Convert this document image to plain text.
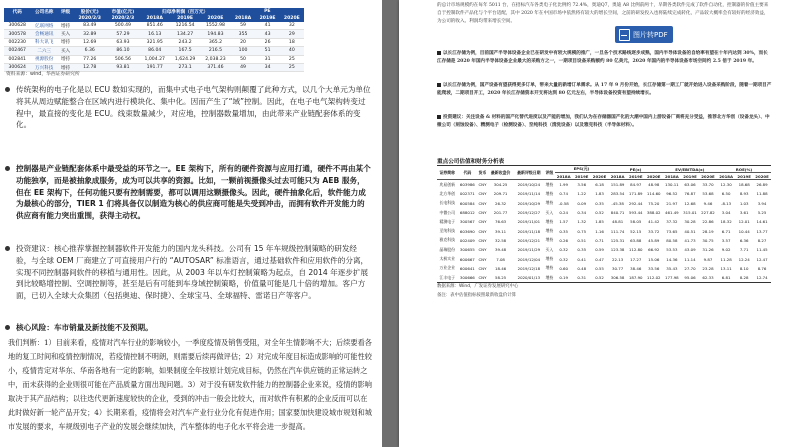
代码	公司名称	评级	股价(元)	市值(亿元)	归母净利润（百万元）			PE		
			2020/2/3	2020/2/3	2018A	2019E	2020E	2018A	2019E	2020E
300628	亿联网络	增持	83.49	500.49	851.46	1216.54	1552.98	59	41	32
300578	会畅通讯	买入	32.89	57.29	16.13	134.27	194.83	355	43	29
002230	科大讯飞	增持	12.69	63.93	321.95	243.2	365.2	20	26	18
002467	二六三	买入	6.36	86.10	86.04	167.5	216.5	100	51	40
002841	视源股份	增持	77.26	506.56	1,004.27	1,624.29	2,038.23	50	31	25
300624	万兴科技	增持	12.78	93.81	191.77	273.1	371.46	49	34	25
资料来源：wind，华西证券研究所
传统架构的电子化是以 ECU 数如实现的，而集中式电子电气架构则颠覆了此种方式，以几个大单元为单位将其从周边赋能整合在区域内进行模块化、集中化。因而产生了“域”控制。因此，在电子电气架构转变过程中，最直接的变化是 ECU。线束数量减少，对应地，控制器数量增加，由此带来产业链配套体系的变化。
控制器是产业链配套体系中最受益的环节之一。EE 架构下，所有的硬件资源与应用打通，硬件不再由某个功能独享，而是被抽象成服务，成为可以共享的资源。比如，一颗前视摄像头过去可能只为 AEB 服务，但在 EE 架构下，任何功能只要有控制需要，都可以调用这颗摄像头。因此，硬件抽象化后，软件能力成为最核心的部分，TIER 1 们将具备仅以制造为核心的供应商可能是失受到冲击，而拥有软件开发能力的供应商有能力突出重围，获得主动权。
投资建议：核心推荐掌握控制器软件开发能力的国内龙头科技。公司有 15 年车规级控制策略的研发经验，与全球 OEM 厂商建立了可直接用户行的 “AUTOSAR” 标准语言，通过基础软件和应用软件的分离，实现不同控制器间软件的移植与通用性。因此，从 2003 年以车灯控制策略为起点，自 2014 年逐步扩展到比较略增控制、空调控制等，甚至是后有可能到车身域控制策略，价值量可能是几十倍的增加。客户方面，已切入全球大众集团（包括奥迪、保时捷）、全球宝马、全球福特、雷诺日产等客户。
核心风险：车市销量及新技能不及预期。
我们判断：1）目前来看，疫情对汽车行业的影响较小，一季度疫情及销售受阻，对全年生情影响不大；后续要看各地的复工时间和疫情控制情况，若疫情控制不明朗，则需要后续再做评估；2）对完成年度目标造成影响的可能性较小，疫情肯定对华东、华南各地有一定的影响，如果制度全年按原计划完成目标，仍然在汽车供应链的正常运转之中，而未获得的企业则很可能在产品质量方面出现问题。3）对于没有研发软件能力的控制器企业来说，疫情的影响取决于其产品结构；以往迭代更新速度较快的企业，受到的冲击一般会比较大，而对软件有积累的企业反而可以在此时做好新一轮产品开发；4）长期来看，疫情将会对汽车产业行业分化有促进作用；国家要加快建设城市规划和城市发展的要求，车规级别电子产业的发展会继续加快，汽车整体的电子化水平将会进一步提高。
的总计市场规模约在每年 5011 台，在招标汽车各类电子化比例约 72.4%，奥迪Q7，奥迪 A8 比例前两十，早期各类软件完成了软件自动化，控制器的价值主要来自于控制软件产品化与个平台适配，其中 2020 年在中国市场中依然将有较大的增长空间，之前的研发投入也将陆续完成转化，产品较大概率会有较好的经济效益，为公司的收入、利润均带来增长空间。
图片转PDF
以长江存储为例，目前国产半导体设备企业已在研发中有较大规模的推广，一旦各个技术路线逐步成熟，国内半导体设备的自给率有望在十年内达到 30%，而长江存储是 2020 年国内半导体设备企业最大的采购方之一，一期项目设备采购额约 80 亿美元，2020 年国内的半导体设备市场空间约 2.5 倍于 2019 年。
以长江存储为例，国产设备有望获得更多订单，带来大量的新增订单需求。从 17 年 9 月份开始，长江存储第一期工厂就开始进入设备采购阶段，随着一期项目产能爬坡，二期项目开工，2020 年长江存储资本开支将达到 80 亿元左右，半导体设备投资有望持续增长。
投资建议：关注设备 & 材料的国产化替代进度以及产能的增加，我们认为在存储器国产化的大潮中国内上游设备厂商将充分受益，推荐北方华创（设备龙头）、中微公司（刻蚀设备）、精测电子（检测设备）、至纯科技（清洗设备）以及雅克科技（半导体材料）。
重点公司估值和财务分析表
证券简称	代码	货币	最新收盘价	最新评级日期	评级	EPS(元)			PE(x)			EV/EBITDA(x)			ROE(%)		
						2018A	2019E	2020E	2018A	2019E	2020E	2018A	2019E	2020E	2018A	2019E	2020E
兆易创新	603986	CNY	304.25	2019/10/24	增持	1.99	3.56	6.18	151.89	84.97	48.98	130.11	63.06	33.70	12.30	18.68	26.89
北方华创	002371	CNY	209.71	2019/11/14	增持	0.74	1.22	1.83	283.54	171.89	114.60	96.52	76.87	53.68	6.50	8.93	11.88
长电科技	600584	CNY	26.32	2019/10/29	增持	-0.58	0.09	0.35	-45.38	292.44	75.20	21.97	12.68	9.46	-8.13	1.03	3.94
中微公司	688012	CNY	201.77	2019/12/27	买入	0.24	0.34	0.52	840.71	593.44	388.02	461.49	315.01	227.82	3.04	3.61	5.25
精测电子	300567	CNY	76.63	2019/11/01	增持	1.57	1.32	1.85	48.81	58.05	41.42	37.32	30.28	22.86	18.32	12.01	14.61
至纯科技	603690	CNY	39.11	2019/11/18	增持	0.35	0.75	1.16	111.74	52.15	33.72	73.65	40.51	28.19	6.71	10.44	13.77
雅克科技	002409	CNY	32.58	2019/12/21	增持	0.26	0.51	0.71	125.31	63.88	45.89	80.58	41.73	30.75	3.57	6.36	8.27
晶瑞股份	300655	CNY	39.48	2019/11/29	买入	0.32	0.35	0.59	123.38	112.80	66.92	53.53	43.09	31.26	9.02	7.71	11.45
太极实业	600667	CNY	7.08	2019/12/04	增持	0.32	0.41	0.47	22.13	17.27	15.06	14.36	11.14	9.87	11.28	12.24	12.47
万业企业	600641	CNY	18.46	2019/12/18	增持	0.60	0.48	0.55	30.77	38.46	33.56	35.43	27.70	23.28	13.11	8.10	8.76
江丰电子	300666	CNY	58.25	2020/01/13	增持	0.19	0.31	0.52	306.58	187.90	112.02	177.98	95.06	62.33	6.81	8.28	12.74
数据来源：Wind，广发证券发展研究中心
备注：表中估值指标按照最新收盘价计算
